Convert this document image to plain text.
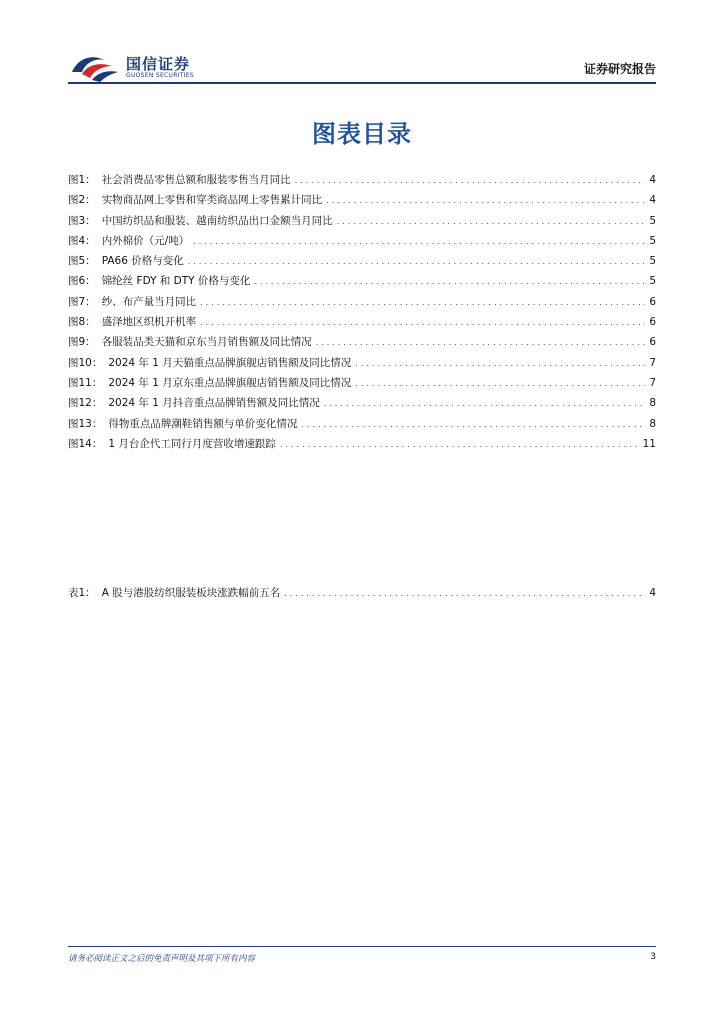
国信证券
GUOSEN SECURITIES	证券研究报告
图表目录
图1： 社会消费品零售总额和服装零售当月同比 .....	4
图2： 实物商品网上零售和穿类商品网上零售累计同比 .....	4
图3： 中国纺织品和服装、越南纺织品出口金额当月同比 .....	5
图4： 内外棉价（元/吨） .....	5
图5： PA66 价格与变化 .....	5
图6： 锦纶丝 FDY 和 DTY 价格与变化 .....	5
图7： 纱、布产量当月同比 .....	6
图8： 盛泽地区织机开机率 .....	6
图9： 各服装品类天猫和京东当月销售额及同比情况 .....	6
图10： 2024 年 1 月天猫重点品牌旗舰店销售额及同比情况 .....	7
图11： 2024 年 1 月京东重点品牌旗舰店销售额及同比情况 .....	7
图12： 2024 年 1 月抖音重点品牌销售额及同比情况 .....	8
图13： 得物重点品牌潮鞋销售额与单价变化情况 .....	8
图14： 1 月台企代工同行月度营收增速跟踪 .....	11
表1： A 股与港股纺织服装板块涨跌幅前五名 .....	4
请务必阅读正文之后的免责声明及其项下所有内容	3
